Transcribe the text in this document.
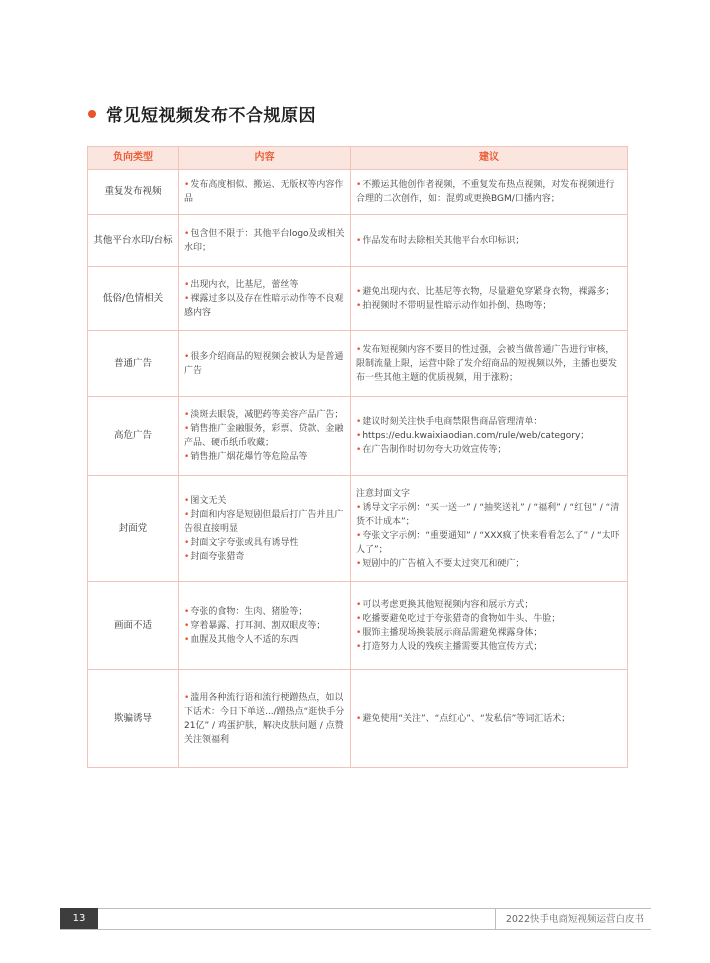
常见短视频发布不合规原因
负向类型	内容	建议
重复发布视频	•发布高度相似、搬运、无版权等内容作品	•不搬运其他创作者视频，不重复发布热点视频，对发布视频进行合理的二次创作，如：混剪或更换BGM/口播内容；

其他平台水印/台标	•包含但不限于：其他平台logo及或相关水印；	•作品发布时去除相关其他平台水印标识；

低俗/色情相关	•出现内衣，比基尼，蕾丝等
•裸露过多以及存在性暗示动作等不良观感内容	•避免出现内衣、比基尼等衣物，尽量避免穿紧身衣物，裸露多；
•拍视频时不带明显性暗示动作如扑倒、热吻等；

普通广告	•很多介绍商品的短视频会被认为是普通广告	•发布短视频内容不要目的性过强，会被当做普通广告进行审核，限制流量上限，运营中除了发介绍商品的短视频以外，主播也要发布一些其他主题的优质视频，用于涨粉；

高危广告	•淡斑去眼袋，减肥药等美容产品广告；
•销售推广金融服务，彩票、贷款、金融产品、硬币纸币收藏；
•销售推广烟花爆竹等危险品等	•建议时刻关注快手电商禁限售商品管理清单：
•https://edu.kwaixiaodian.com/rule/web/category；
•在广告制作时切勿夸大功效宣传等；

封面党	•图文无关
•封面和内容是短剧但最后打广告并且广告很直接明显
•封面文字夸张或具有诱导性
•封面夸张猎奇	注意封面文字
•诱导文字示例：“买一送一” / “抽奖送礼” / “福利” / “红包” / “清货不计成本”；
•夸张文字示例：“重要通知” / “XXX疯了快来看看怎么了” / “太吓人了”；
•短剧中的广告植入不要太过突兀和硬广；

画面不适	•夸张的食物：生肉、猪脸等；
•穿着暴露、打耳洞、割双眼皮等；
•血腥及其他令人不适的东西	•可以考虑更换其他短视频内容和展示方式；
•吃播要避免吃过于夸张猎奇的食物如牛头、牛脸；
•服饰主播现场换装展示商品需避免裸露身体；
•打造努力人设的残疾主播需要其他宣传方式；

欺骗诱导	•滥用各种流行语和流行梗蹭热点，如以下话术：今日下单送.../蹭热点“逛快手分21亿” / 鸡蛋护肤，解决皮肤问题 / 点赞关注领福利	•避免使用“关注”、“点红心”、“发私信”等词汇话术；
13	2022快手电商短视频运营白皮书
